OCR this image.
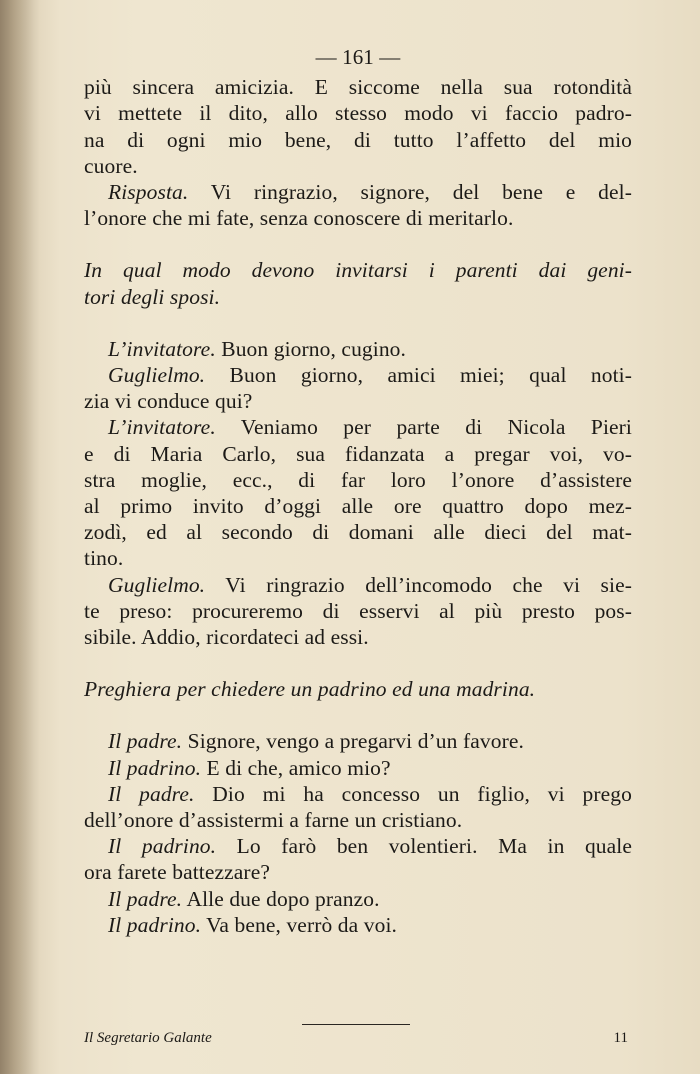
— 161 —
più sincera amicizia. E siccome nella sua rotondità
vi mettete il dito, allo stesso modo vi faccio padro-
na di ogni mio bene, di tutto l’affetto del mio
cuore.
Risposta. Vi ringrazio, signore, del bene e del-
l’onore che mi fate, senza conoscere di meritarlo.
In qual modo devono invitarsi i parenti dai geni-
tori degli sposi.
L’invitatore. Buon giorno, cugino.
Guglielmo. Buon giorno, amici miei; qual noti-
zia vi conduce qui?
L’invitatore. Veniamo per parte di Nicola Pieri
e di Maria Carlo, sua fidanzata a pregar voi, vo-
stra moglie, ecc., di far loro l’onore d’assistere
al primo invito d’oggi alle ore quattro dopo mez-
zodì, ed al secondo di domani alle dieci del mat-
tino.
Guglielmo. Vi ringrazio dell’incomodo che vi sie-
te preso: procureremo di esservi al più presto pos-
sibile. Addio, ricordateci ad essi.
Preghiera per chiedere un padrino ed una madrina.
Il padre. Signore, vengo a pregarvi d’un favore.
Il padrino. E di che, amico mio?
Il padre. Dio mi ha concesso un figlio, vi prego
dell’onore d’assistermi a farne un cristiano.
Il padrino. Lo farò ben volentieri. Ma in quale
ora farete battezzare?
Il padre. Alle due dopo pranzo.
Il padrino. Va bene, verrò da voi.
Il Segretario Galante	11
